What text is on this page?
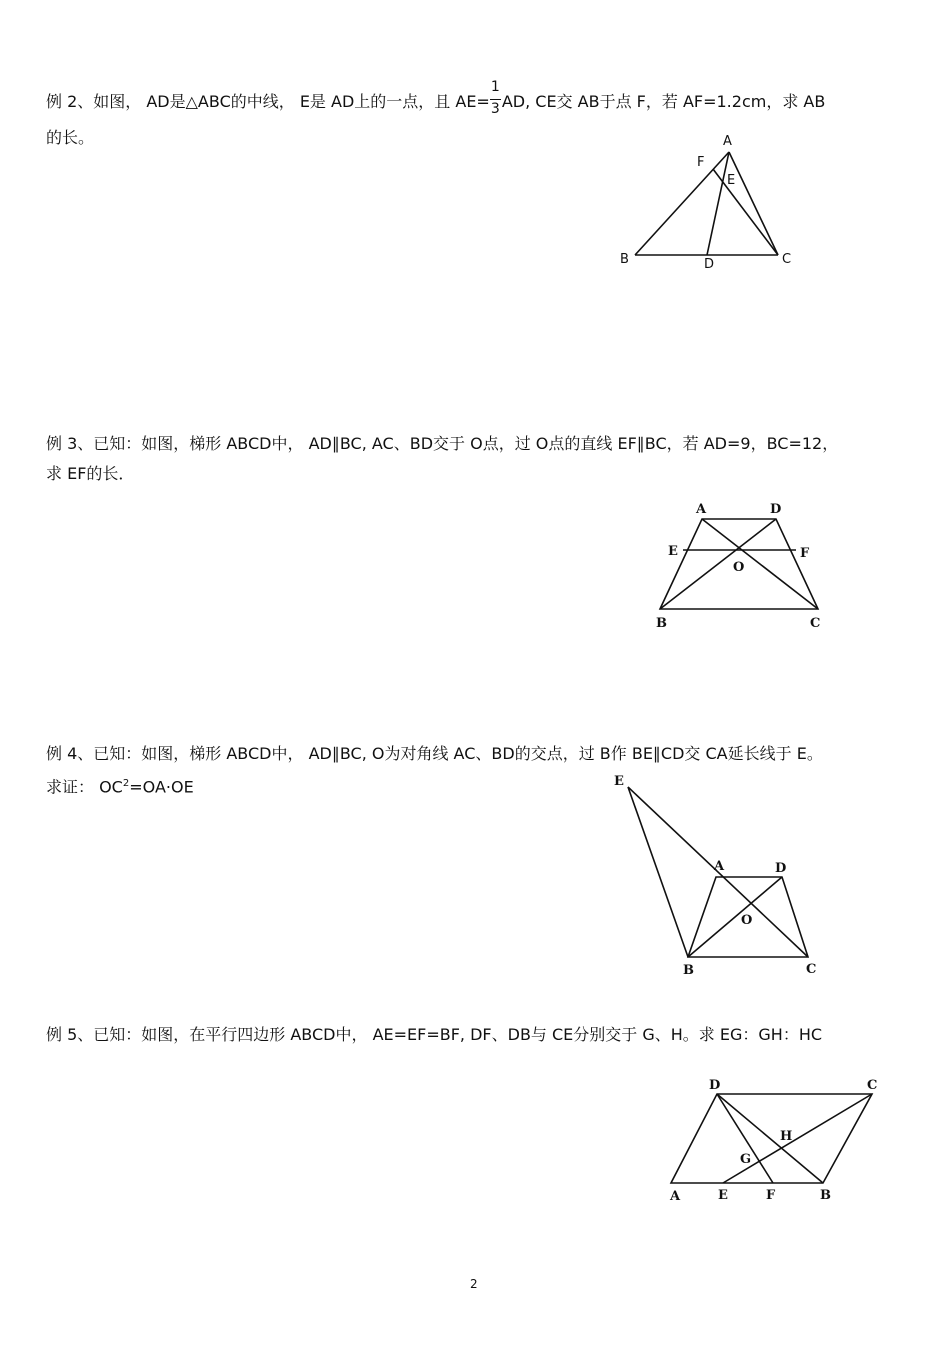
例 2、如图， AD是△ABC的中线， E是 AD上的一点，且 $AE= \frac{1}{3}$ AD, CE交 AB于点 F，若 AF=1.2cm，求 AB
的长。	A
F
E
B	D	C
例 3、已知：如图，梯形 ABCD中， AD∥BC, AC、BD交于 O点，过 O点的直线 EF∥BC，若 AD=9，BC=12，
求 EF的长．
A	D
E	F
O
B	C
例 4、已知：如图，梯形 ABCD中， AD∥BC, O为对角线 AC、BD的交点，过 B作 BE∥CD交 CA延长线于 E。
求证： $OC^2=OA\cdot OE$	E
A	D
O
B	C
例 5、已知：如图，在平行四边形 ABCD中， AE=EF=BF, DF、DB与 CE分别交于 G、H。求 EG：GH：HC
D	C
H
G
A	E	F	B
2
